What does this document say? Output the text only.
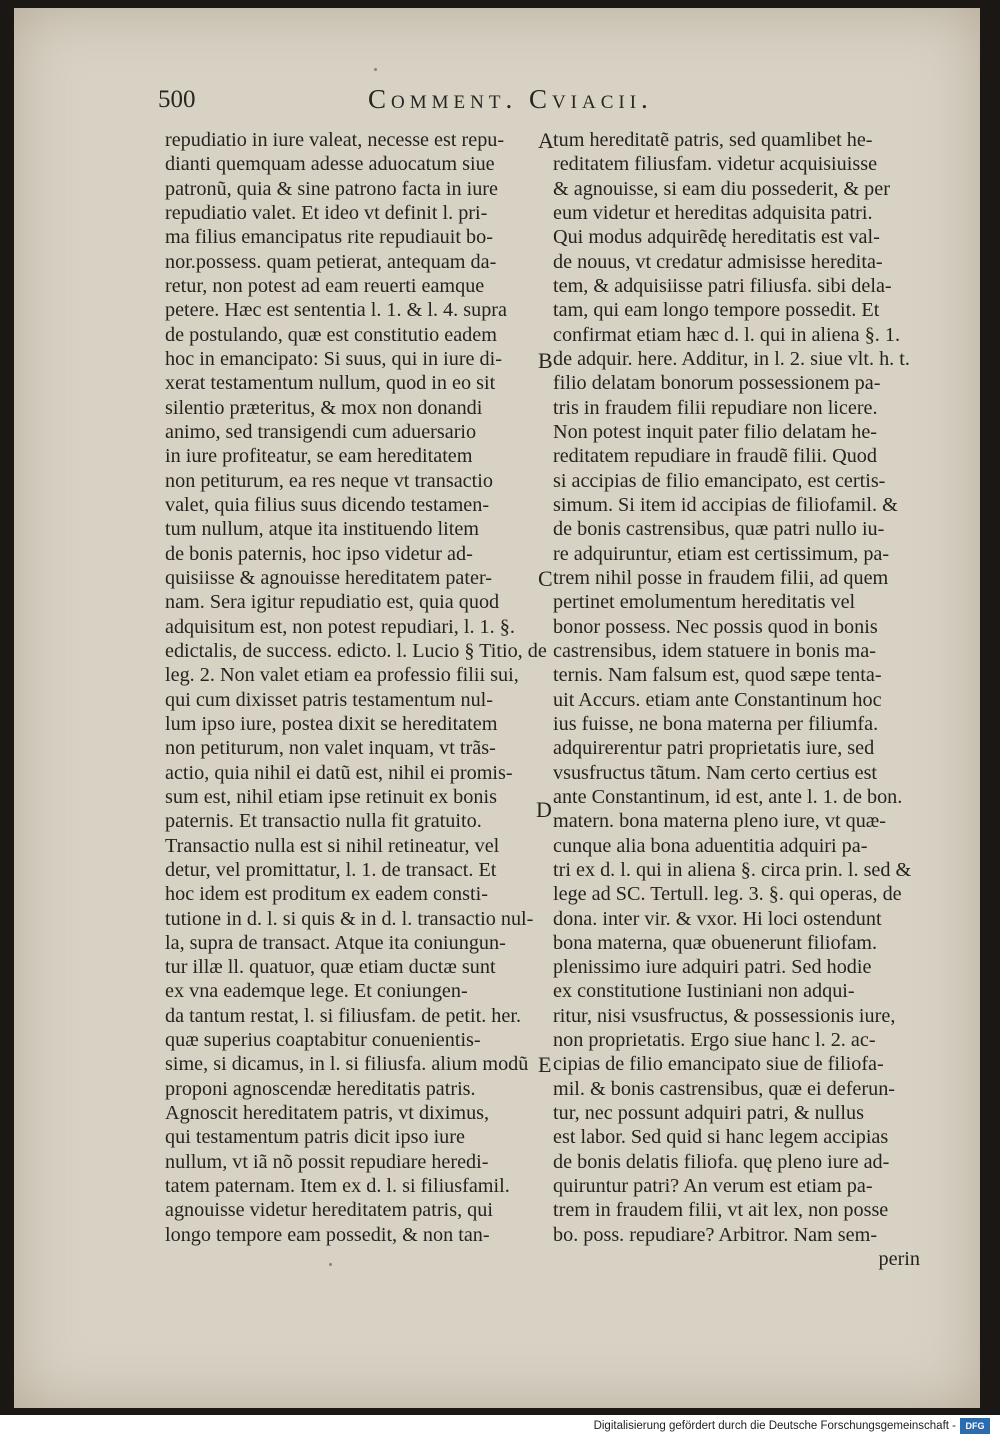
500	Comment. Cviacii.
repudiatio in iure valeat, necesse est repu-
dianti quemquam adesse aduocatum siue
patronũ, quia & sine patrono facta in iure
repudiatio valet. Et ideo vt definit l. pri-
ma filius emancipatus rite repudiauit bo-
nor.possess. quam petierat, antequam da-
retur, non potest ad eam reuerti eamque
petere. Hæc est sententia l. 1. & l. 4. supra
de postulando, quæ est constitutio eadem
hoc in emancipato: Si suus, qui in iure di-
xerat testamentum nullum, quod in eo sit
silentio præteritus, & mox non donandi
animo, sed transigendi cum aduersario
in iure profiteatur, se eam hereditatem
non petiturum, ea res neque vt transactio
valet, quia filius suus dicendo testamen-
tum nullum, atque ita instituendo litem
de bonis paternis, hoc ipso videtur ad-
quisiisse & agnouisse hereditatem pater-
nam. Sera igitur repudiatio est, quia quod
adquisitum est, non potest repudiari, l. 1. §.
edictalis, de success. edicto. l. Lucio § Titio, de
leg. 2. Non valet etiam ea professio filii sui,
qui cum dixisset patris testamentum nul-
lum ipso iure, postea dixit se hereditatem
non petiturum, non valet inquam, vt trãs-
actio, quia nihil ei datũ est, nihil ei promis-
sum est, nihil etiam ipse retinuit ex bonis
paternis. Et transactio nulla fit gratuito.
Transactio nulla est si nihil retineatur, vel
detur, vel promittatur, l. 1. de transact. Et
hoc idem est proditum ex eadem consti-
tutione in d. l. si quis & in d. l. transactio nul-
la, supra de transact. Atque ita coniungun-
tur illæ ll. quatuor, quæ etiam ductæ sunt
ex vna eademque lege. Et coniungen-
da tantum restat, l. si filiusfam. de petit. her.
quæ superius coaptabitur conuenientis-
sime, si dicamus, in l. si filiusfa. alium modũ
proponi agnoscendæ hereditatis patris.
Agnoscit hereditatem patris, vt diximus,
qui testamentum patris dicit ipso iure
nullum, vt iã nõ possit repudiare heredi-
tatem paternam. Item ex d. l. si filiusfamil.
agnouisse videtur hereditatem patris, qui
longo tempore eam possedit, & non tan-
tum hereditatẽ patris, sed quamlibet he-
reditatem filiusfam. videtur acquisiuisse
& agnouisse, si eam diu possederit, & per
eum videtur et hereditas adquisita patri.
Qui modus adquirẽdę hereditatis est val-
de nouus, vt credatur admisisse heredita-
tem, & adquisiisse patri filiusfa. sibi dela-
tam, qui eam longo tempore possedit. Et
confirmat etiam hæc d. l. qui in aliena §. 1.
de adquir. here. Additur, in l. 2. siue vlt. h. t.
filio delatam bonorum possessionem pa-
tris in fraudem filii repudiare non licere.
Non potest inquit pater filio delatam he-
reditatem repudiare in fraudẽ filii. Quod
si accipias de filio emancipato, est certis-
simum. Si item id accipias de filiofamil. &
de bonis castrensibus, quæ patri nullo iu-
re adquiruntur, etiam est certissimum, pa-
trem nihil posse in fraudem filii, ad quem
pertinet emolumentum hereditatis vel
bonor possess. Nec possis quod in bonis
castrensibus, idem statuere in bonis ma-
ternis. Nam falsum est, quod sæpe tenta-
uit Accurs. etiam ante Constantinum hoc
ius fuisse, ne bona materna per filiumfa.
adquirerentur patri proprietatis iure, sed
vsusfructus tãtum. Nam certo certius est
ante Constantinum, id est, ante l. 1. de bon.
matern. bona materna pleno iure, vt quæ-
cunque alia bona aduentitia adquiri pa-
tri ex d. l. qui in aliena §. circa prin. l. sed &
lege ad SC. Tertull. leg. 3. §. qui operas, de
dona. inter vir. & vxor. Hi loci ostendunt
bona materna, quæ obuenerunt filiofam.
plenissimo iure adquiri patri. Sed hodie
ex constitutione Iustiniani non adqui-
ritur, nisi vsusfructus, & possessionis iure,
non proprietatis. Ergo siue hanc l. 2. ac-
cipias de filio emancipato siue de filiofa-
mil. & bonis castrensibus, quæ ei deferun-
tur, nec possunt adquiri patri, & nullus
est labor. Sed quid si hanc legem accipias
de bonis delatis filiofa. quę pleno iure ad-
quiruntur patri? An verum est etiam pa-
trem in fraudem filii, vt ait lex, non posse
bo. poss. repudiare? Arbitror. Nam sem-
perin
A
B
C
D
E
Digitalisierung gefördert durch die Deutsche Forschungsgemeinschaft -	DFG
